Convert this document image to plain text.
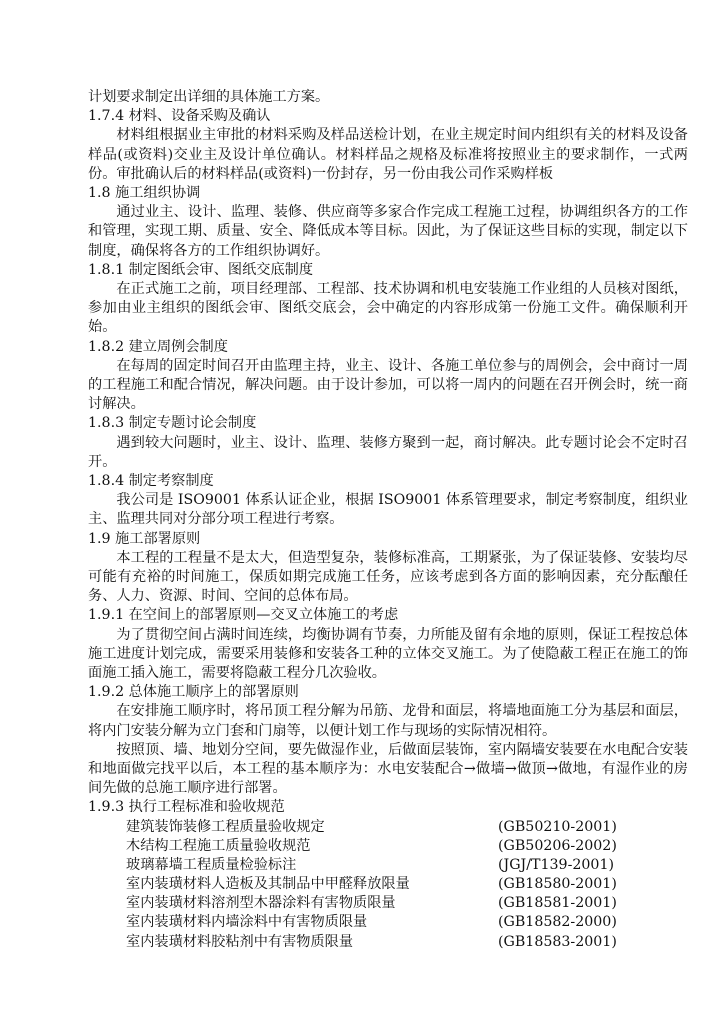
计划要求制定出详细的具体施工方案。
1.7.4 材料、设备采购及确认
材料组根据业主审批的材料采购及样品送检计划，在业主规定时间内组织有关的材料及设备样品(或资料)交业主及设计单位确认。材料样品之规格及标准将按照业主的要求制作，一式两份。审批确认后的材料样品(或资料)一份封存，另一份由我公司作采购样板
1.8 施工组织协调
通过业主、设计、监理、装修、供应商等多家合作完成工程施工过程，协调组织各方的工作和管理，实现工期、质量、安全、降低成本等目标。因此，为了保证这些目标的实现，制定以下制度，确保将各方的工作组织协调好。
1.8.1 制定图纸会审、图纸交底制度
在正式施工之前，项目经理部、工程部、技术协调和机电安装施工作业组的人员核对图纸，参加由业主组织的图纸会审、图纸交底会，会中确定的内容形成第一份施工文件。确保顺利开始。
1.8.2 建立周例会制度
在每周的固定时间召开由监理主持，业主、设计、各施工单位参与的周例会，会中商讨一周的工程施工和配合情况，解决问题。由于设计参加，可以将一周内的问题在召开例会时，统一商讨解决。
1.8.3 制定专题讨论会制度
遇到较大问题时，业主、设计、监理、装修方聚到一起，商讨解决。此专题讨论会不定时召开。
1.8.4 制定考察制度
我公司是 ISO9001 体系认证企业，根据 ISO9001 体系管理要求，制定考察制度，组织业主、监理共同对分部分项工程进行考察。
1.9 施工部署原则
本工程的工程量不是太大，但造型复杂，装修标准高，工期紧张，为了保证装修、安装均尽可能有充裕的时间施工，保质如期完成施工任务，应该考虑到各方面的影响因素，充分酝酿任务、人力、资源、时间、空间的总体布局。
1.9.1 在空间上的部署原则—交叉立体施工的考虑
为了贯彻空间占满时间连续，均衡协调有节奏，力所能及留有余地的原则，保证工程按总体施工进度计划完成，需要采用装修和安装各工种的立体交叉施工。为了使隐蔽工程正在施工的饰面施工插入施工，需要将隐蔽工程分几次验收。
1.9.2 总体施工顺序上的部署原则
在安排施工顺序时，将吊顶工程分解为吊筋、龙骨和面层，将墙地面施工分为基层和面层，将内门安装分解为立门套和门扇等，以便计划工作与现场的实际情况相符。
按照顶、墙、地划分空间，要先做湿作业，后做面层装饰，室内隔墙安装要在水电配合安装和地面做完找平以后，本工程的基本顺序为：水电安装配合→做墙→做顶→做地，有湿作业的房间先做的总施工顺序进行部署。
1.9.3 执行工程标准和验收规范
建筑装饰装修工程质量验收规定	(GB50210-2001)
木结构工程施工质量验收规范	(GB50206-2002)
玻璃幕墙工程质量检验标注	(JGJ/T139-2001)
室内装璜材料人造板及其制品中甲醛释放限量	(GB18580-2001)
室内装璜材料溶剂型木器涂料有害物质限量	(GB18581-2001)
室内装璜材料内墙涂料中有害物质限量	(GB18582-2000)
室内装璜材料胶粘剂中有害物质限量	(GB18583-2001)
